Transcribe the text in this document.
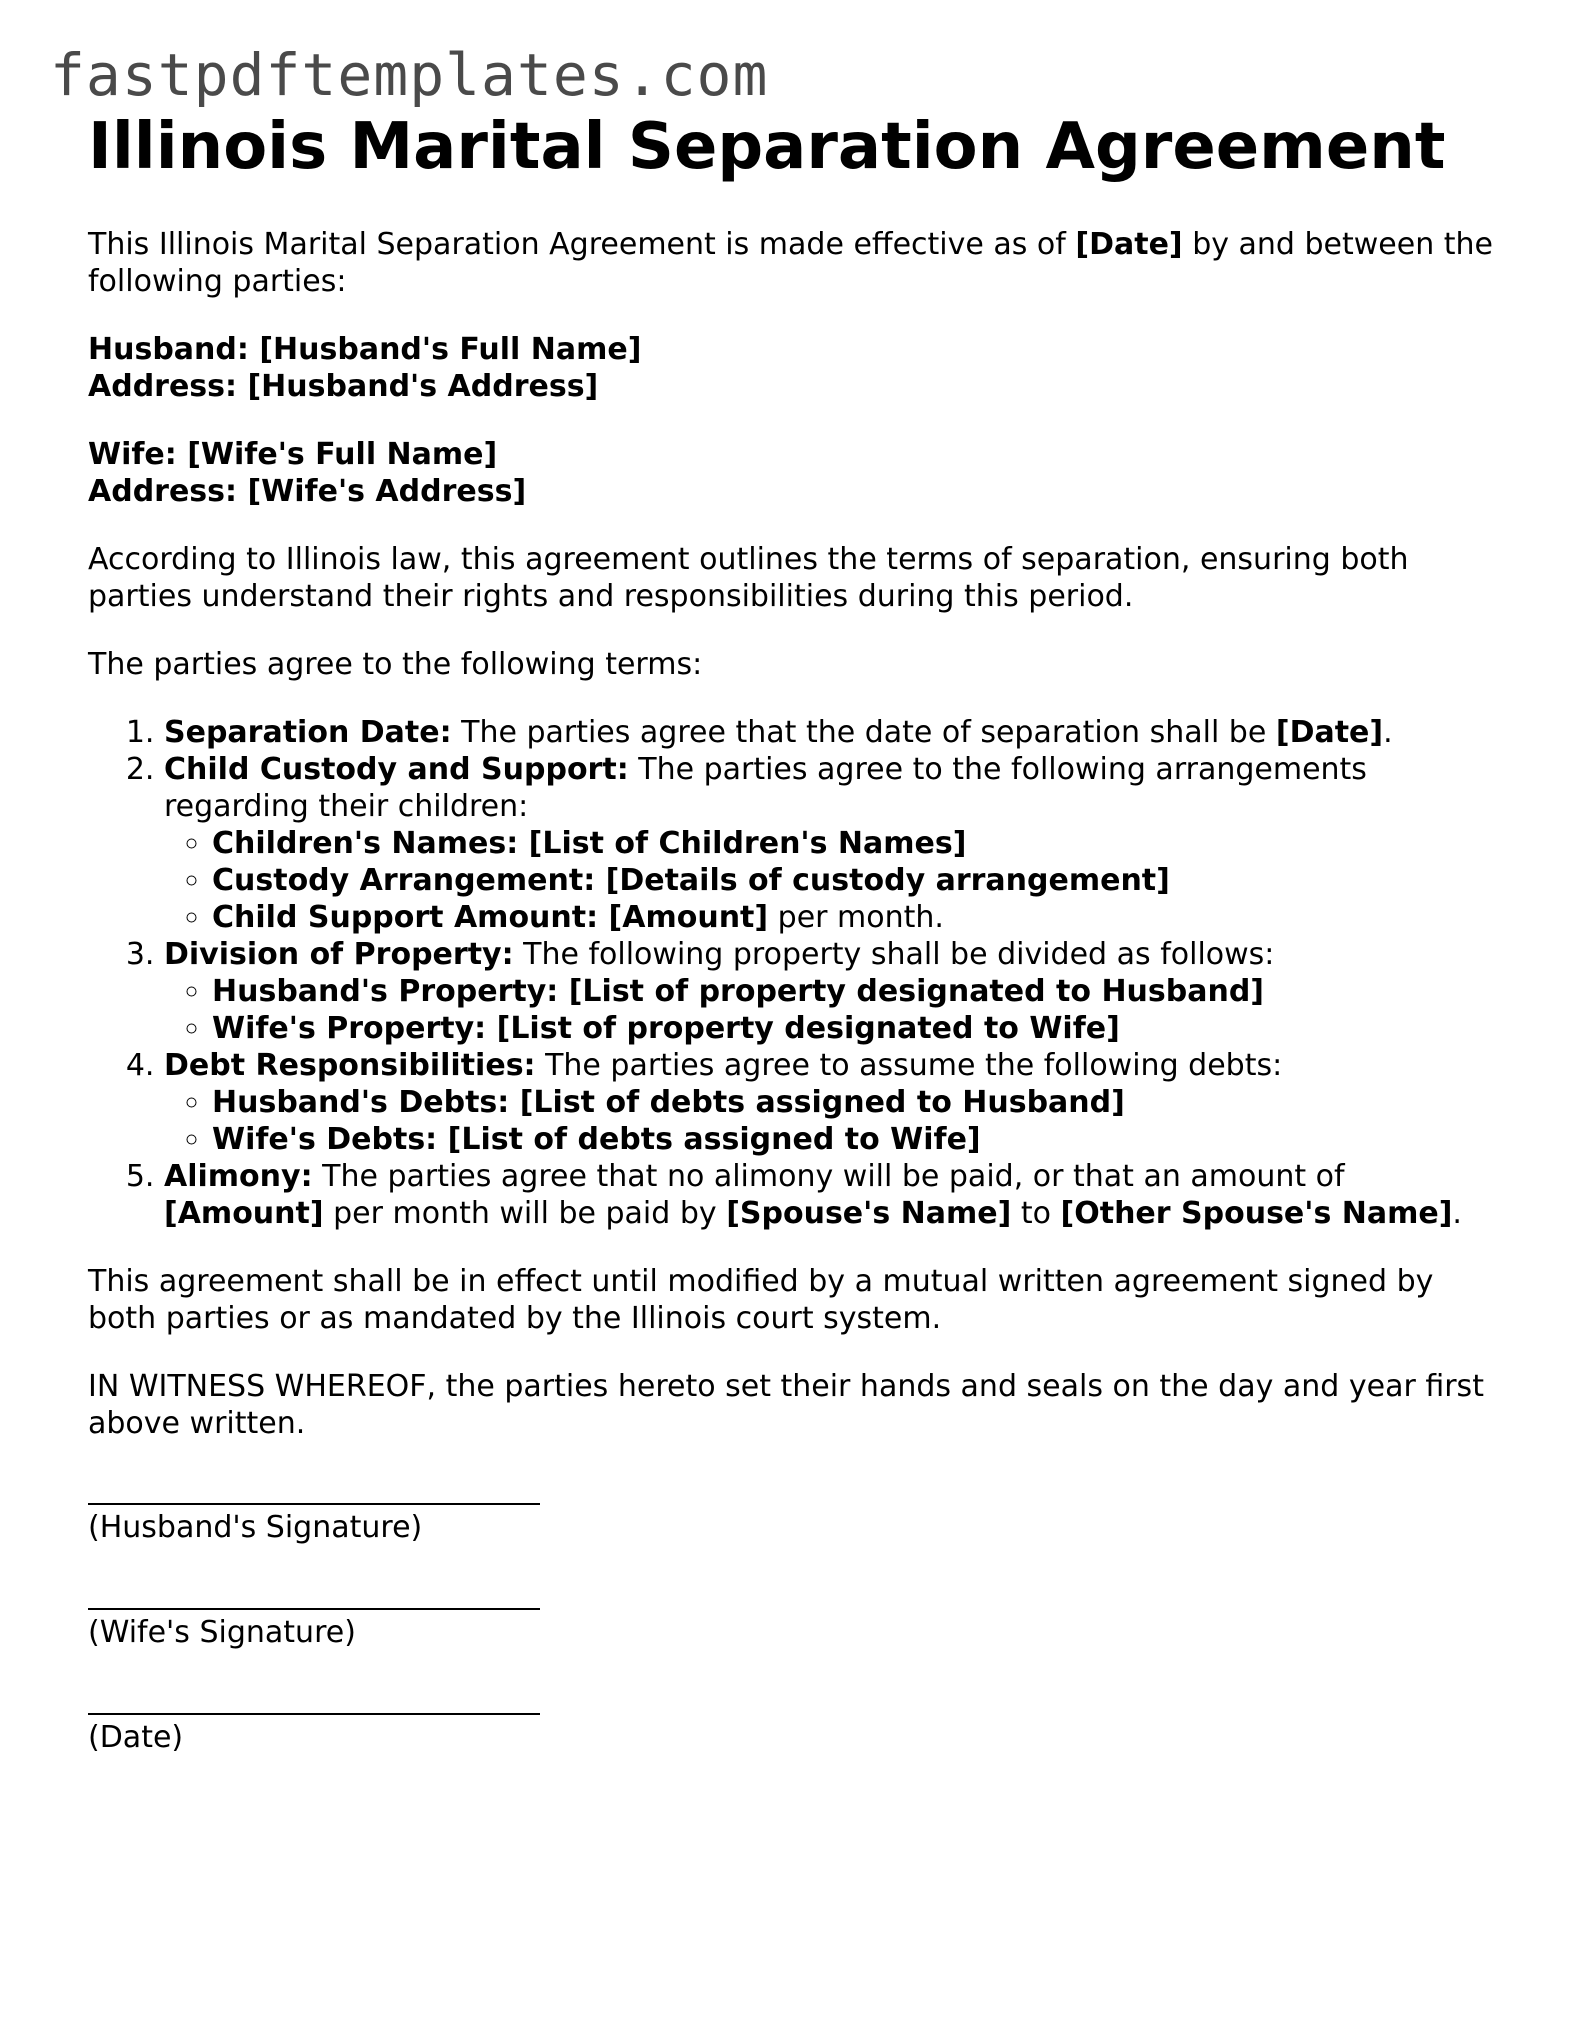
fastpdftemplates.com
Illinois Marital Separation Agreement

This Illinois Marital Separation Agreement is made effective as of [Date] by and between the following parties:

Husband: [Husband's Full Name]
Address: [Husband's Address]
Wife: [Wife's Full Name]
Address: [Wife's Address]

According to Illinois law, this agreement outlines the terms of separation, ensuring both parties understand their rights and responsibilities during this period.

The parties agree to the following terms:

1. Separation Date: The parties agree that the date of separation shall be [Date].
2. Child Custody and Support: The parties agree to the following arrangements regarding their children:
◦ Children's Names: [List of Children's Names]
◦ Custody Arrangement: [Details of custody arrangement]
◦ Child Support Amount: [Amount] per month.
3. Division of Property: The following property shall be divided as follows:
◦ Husband's Property: [List of property designated to Husband]
◦ Wife's Property: [List of property designated to Wife]
4. Debt Responsibilities: The parties agree to assume the following debts:
◦ Husband's Debts: [List of debts assigned to Husband]
◦ Wife's Debts: [List of debts assigned to Wife]
5. Alimony: The parties agree that no alimony will be paid, or that an amount of [Amount] per month will be paid by [Spouse's Name] to [Other Spouse's Name].

This agreement shall be in effect until modified by a mutual written agreement signed by both parties or as mandated by the Illinois court system.

IN WITNESS WHEREOF, the parties hereto set their hands and seals on the day and year first above written.

(Husband's Signature)
(Wife's Signature)
(Date)
